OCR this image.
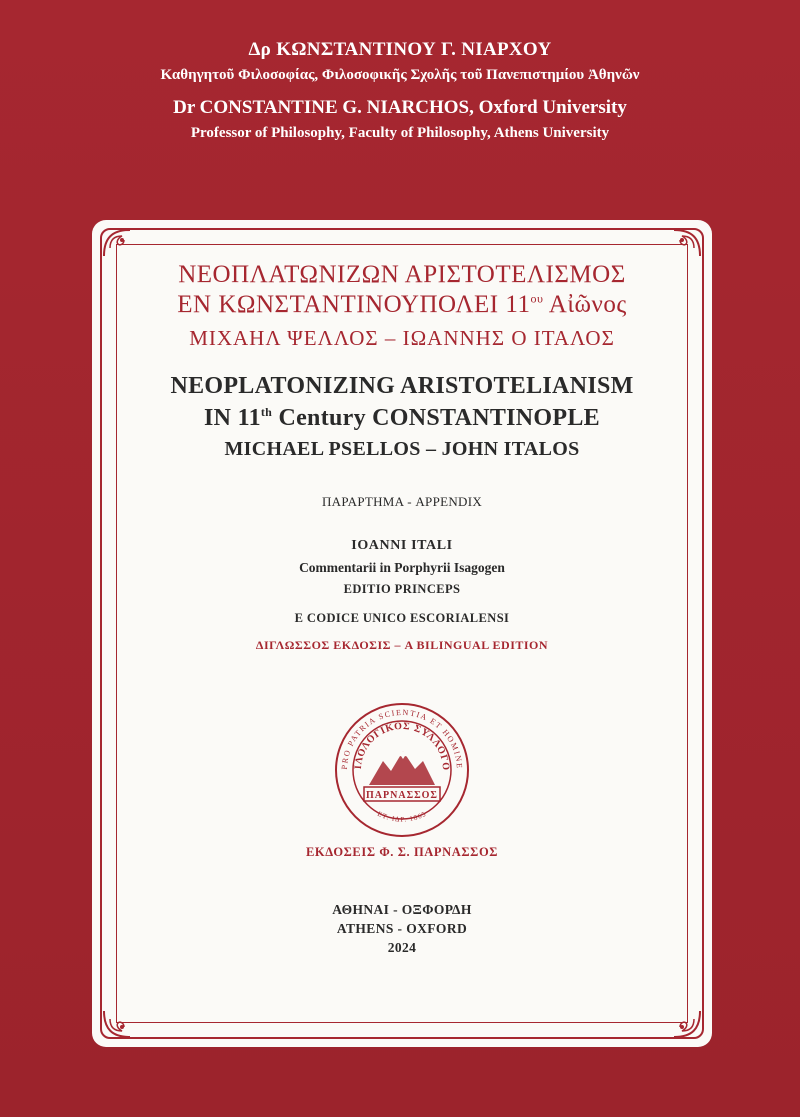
Δρ ΚΩΝΣΤΑΝΤΙΝΟΥ Γ. ΝΙΑΡΧΟΥ
Καθηγητοῦ Φιλοσοφίας, Φιλοσοφικῆς Σχολῆς τοῦ Πανεπιστημίου Ἀθηνῶν
Dr CONSTANTINE G. NIARCHOS, Oxford University
Professor of Philosophy, Faculty of Philosophy, Athens University
ΝΕΟΠΛΑΤΩΝΙΖΩΝ ΑΡΙΣΤΟΤΕΛΙΣΜΟΣ
ΕΝ ΚΩΝΣΤΑΝΤΙΝΟΥΠΟΛΕΙ $11^{o\upsilon}$ Αἰῶνος
ΜΙΧΑΗΛ ΨΕΛΛΟΣ – ΙΩΑΝΝΗΣ Ο ΙΤΑΛΟΣ
NEOPLATONIZING ARISTOTELIANISM
IN 11th Century CONSTANTINOPLE
MICHAEL PSELLOS – JOHN ITALOS
ΠΑΡΑΡΤΗΜΑ - APPENDIX
IOANNI ITALI
Commentarii in Porphyrii Isagogen
EDITIO PRINCEPS
E CODICE UNICO ESCORIALENSI
ΔΙΓΛΩΣΣΟΣ ΕΚΔΟΣΙΣ – A BILINGUAL EDITION
PRO PATRIA SCIENTIA ET HOMINE
ΙΛΟΛΟΓΙΚΟΣ ΣΥΛΛΟΓΟ
ΕΤ. ΙΔΡ. 1865
ΠΑΡΝΑΣΣΟΣ
ΕΚΔΟΣΕΙΣ Φ. Σ. ΠΑΡΝΑΣΣΟΣ
ΑΘΗΝΑΙ - ΟΞΦΟΡΔΗ
ATHENS - OXFORD
2024
